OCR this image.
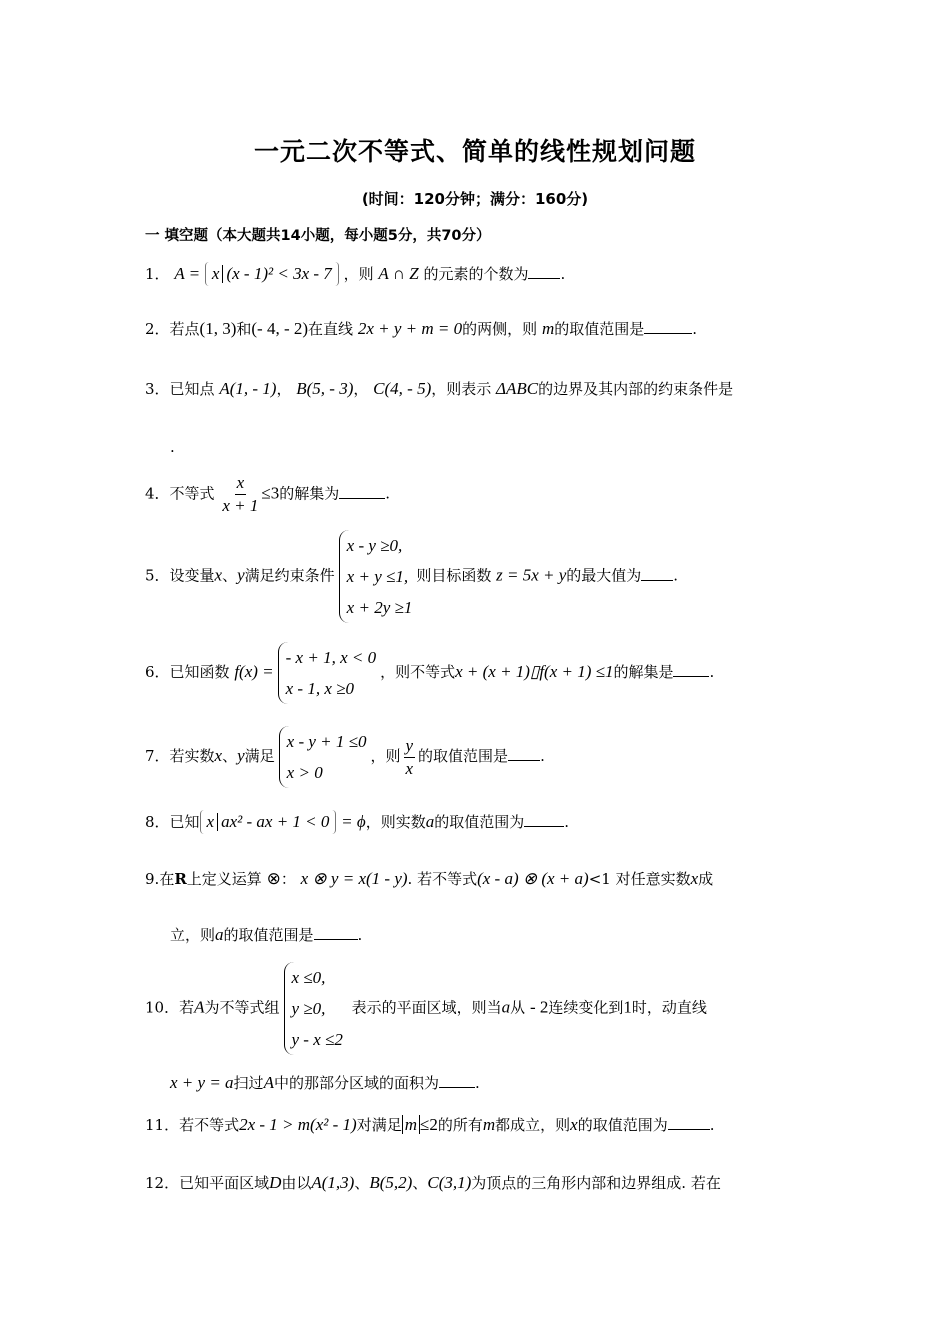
一元二次不等式、简单的线性规划问题
(时间：120分钟；满分：160分)
一 填空题（本大题共14小题，每小题5分，共70分）
1． A = x (x - 1)² < 3x - 7 ，则 A ∩ Z 的元素的个数为 .
2．若点(1, 3)和(- 4, - 2)在直线 2x + y + m = 0的两侧，则 m的取值范围是	.
3．已知点 A(1, - 1)， B(5, - 3)， C(4, - 5)，则表示 ΔABC的边界及其内部的约束条件是
.
4．不等式 $\frac{x}{x + 1} \le 3$的解集为	.
5．设变量x、y满足约束条件
x - y ≥0,
x + y ≤1,
x + 2y ≥1
则目标函数 z = 5x + y的最大值为 .
6．已知函数 f(x) =
- x + 1, x < 0
x - 1, x ≥0
，则不等式x + (x + 1)▯f(x + 1) ≤1的解集是 .
7．若实数x、y满足
x - y + 1 ≤0
x > 0
，则 $\frac{y}{x}$ 的取值范围是 .
8．已知 x ax² - ax + 1 < 0 = ϕ，则实数a的取值范围为	.
9.在R上定义运算 ⊗： x ⊗ y = x(1 - y). 若不等式(x - a) ⊗ (x + a)<1 对任意实数x成
立，则a的取值范围是	.
10．若A为不等式组
x ≤0,
y ≥0,
y - x ≤2
表示的平面区域，则当a从 - 2连续变化到1时，动直线
x + y = a扫过A中的那部分区域的面积为 .
11．若不等式2x - 1 > m(x² - 1)对满足 m ≤2的所有m都成立，则x的取值范围为	.
12．已知平面区域D由以A(1,3)、B(5,2)、C(3,1)为顶点的三角形内部和边界组成. 若在
